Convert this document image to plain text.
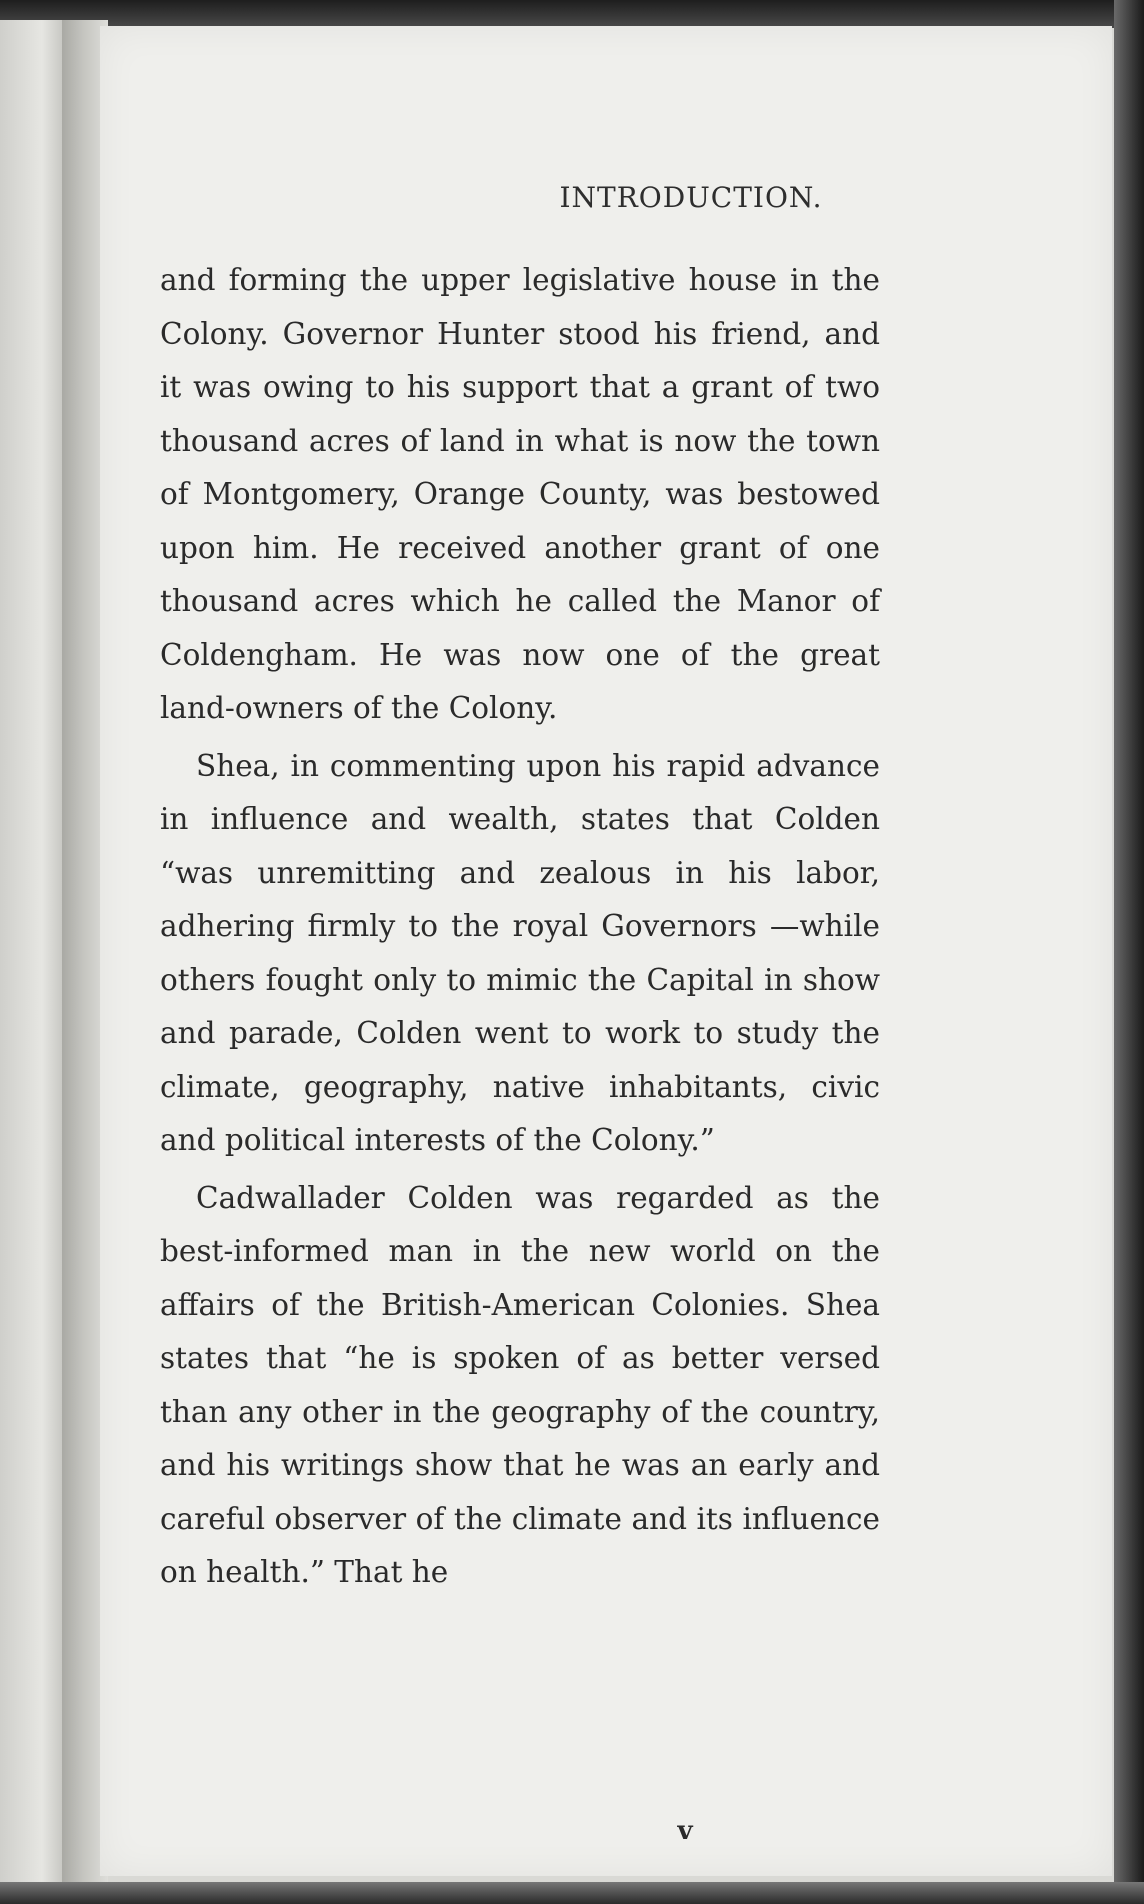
INTRODUCTION.

and forming the upper legislative house in the Colony. Governor Hunter stood his friend, and it was owing to his support that a grant of two thousand acres of land in what is now the town of Montgomery, Orange County, was bestowed upon him. He received another grant of one thousand acres which he called the Manor of Coldengham. He was now one of the great land-owners of the Colony.

Shea, in commenting upon his rapid advance in influence and wealth, states that Colden “was unremitting and zealous in his labor, adhering firmly to the royal Governors —while others fought only to mimic the Capital in show and parade, Colden went to work to study the climate, geography, native inhabitants, civic and political interests of the Colony.”

Cadwallader Colden was regarded as the best-informed man in the new world on the affairs of the British-American Colonies. Shea states that “he is spoken of as better versed than any other in the geography of the country, and his writings show that he was an early and careful observer of the climate and its influence on health.” That he

v
